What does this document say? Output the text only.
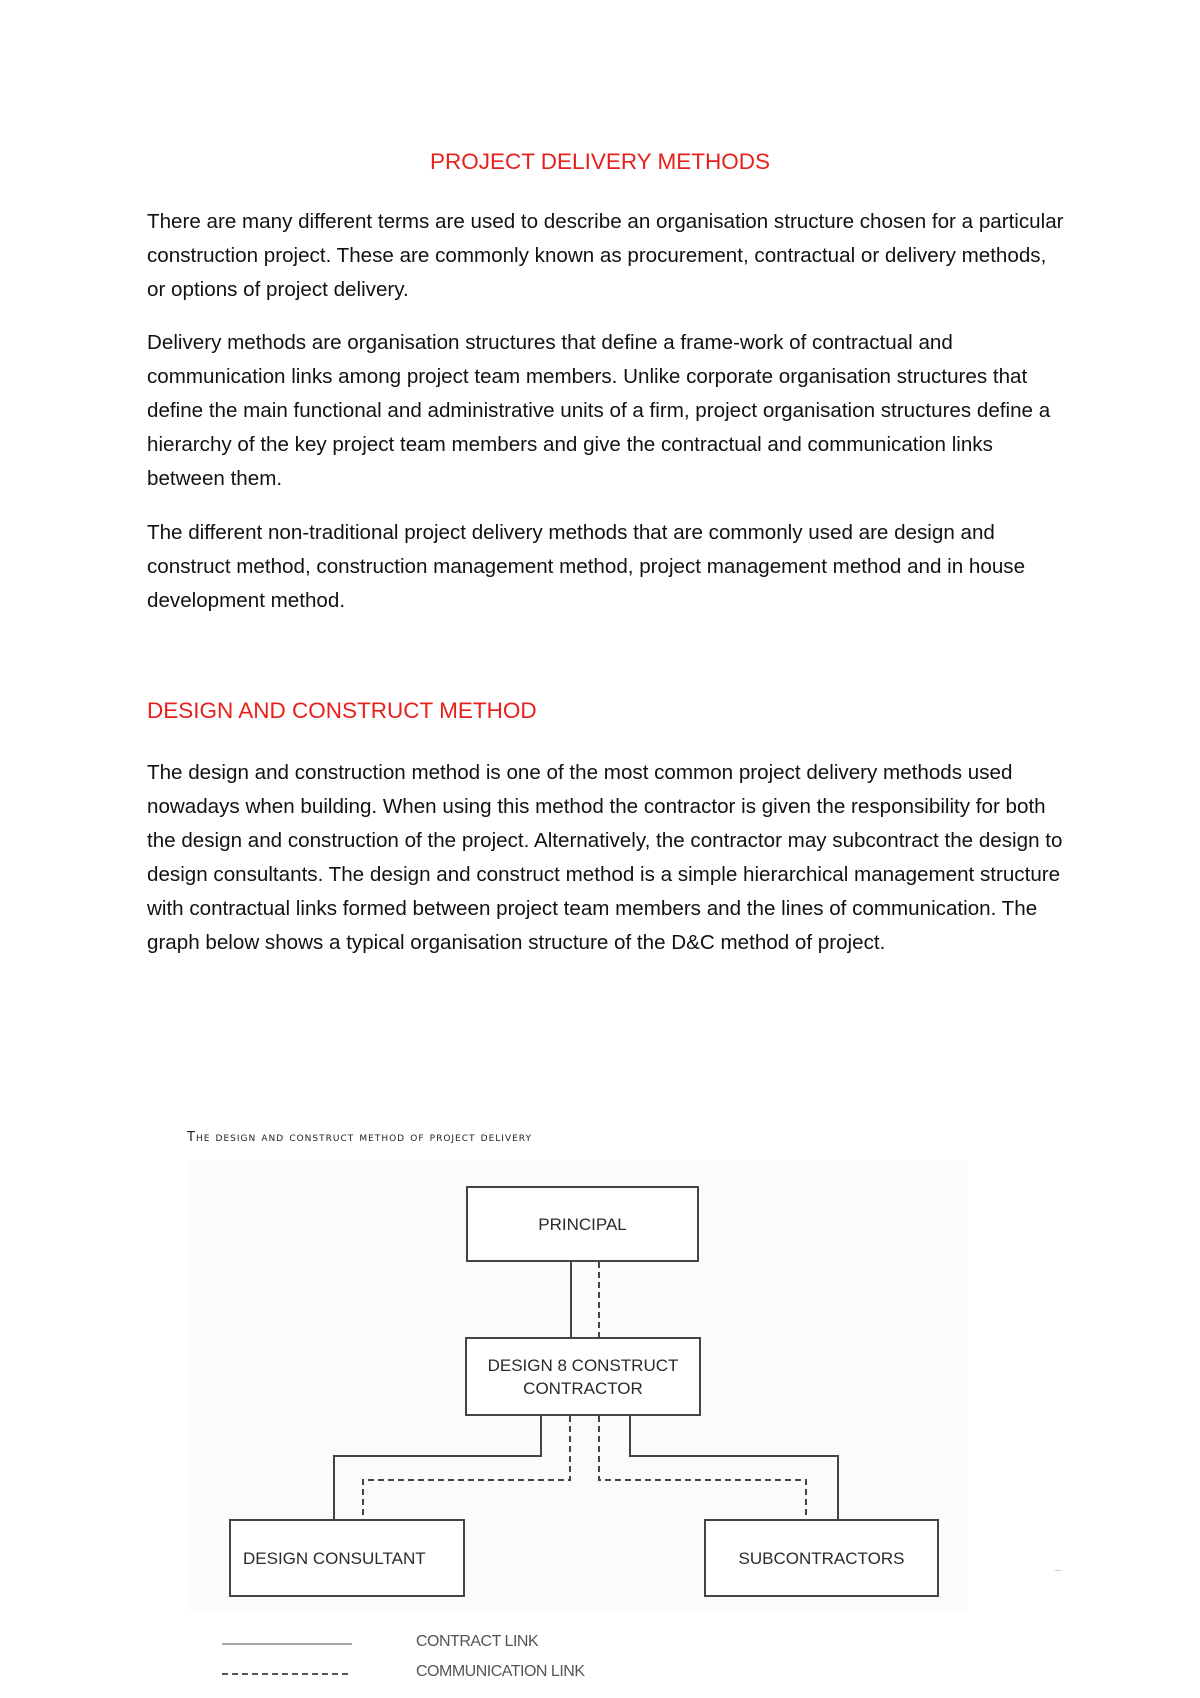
PROJECT DELIVERY METHODS

There are many different terms are used to describe an organisation structure chosen for a particular construction project. These are commonly known as procurement, contractual or delivery methods, or options of project delivery.

Delivery methods are organisation structures that define a frame-work of contractual and communication links among project team members. Unlike corporate organisation structures that define the main functional and administrative units of a firm, project organisation structures define a hierarchy of the key project team members and give the contractual and communication links between them.

The different non-traditional project delivery methods that are commonly used are design and construct method, construction management method, project management method and in house development method.

DESIGN AND CONSTRUCT METHOD

The design and construction method is one of the most common project delivery methods used nowadays when building. When using this method the contractor is given the responsibility for both the design and construction of the project. Alternatively, the contractor may subcontract the design to design consultants. The design and construct method is a simple hierarchical management structure with contractual links formed between project team members and the lines of communication. The graph below shows a typical organisation structure of the D&C method of project.

The design and construct method of project delivery
PRINCIPAL
DESIGN 8 CONSTRUCT
CONTRACTOR
DESIGN CONSULTANT	SUBCONTRACTORS
CONTRACT LINK
COMMUNICATION LINK
